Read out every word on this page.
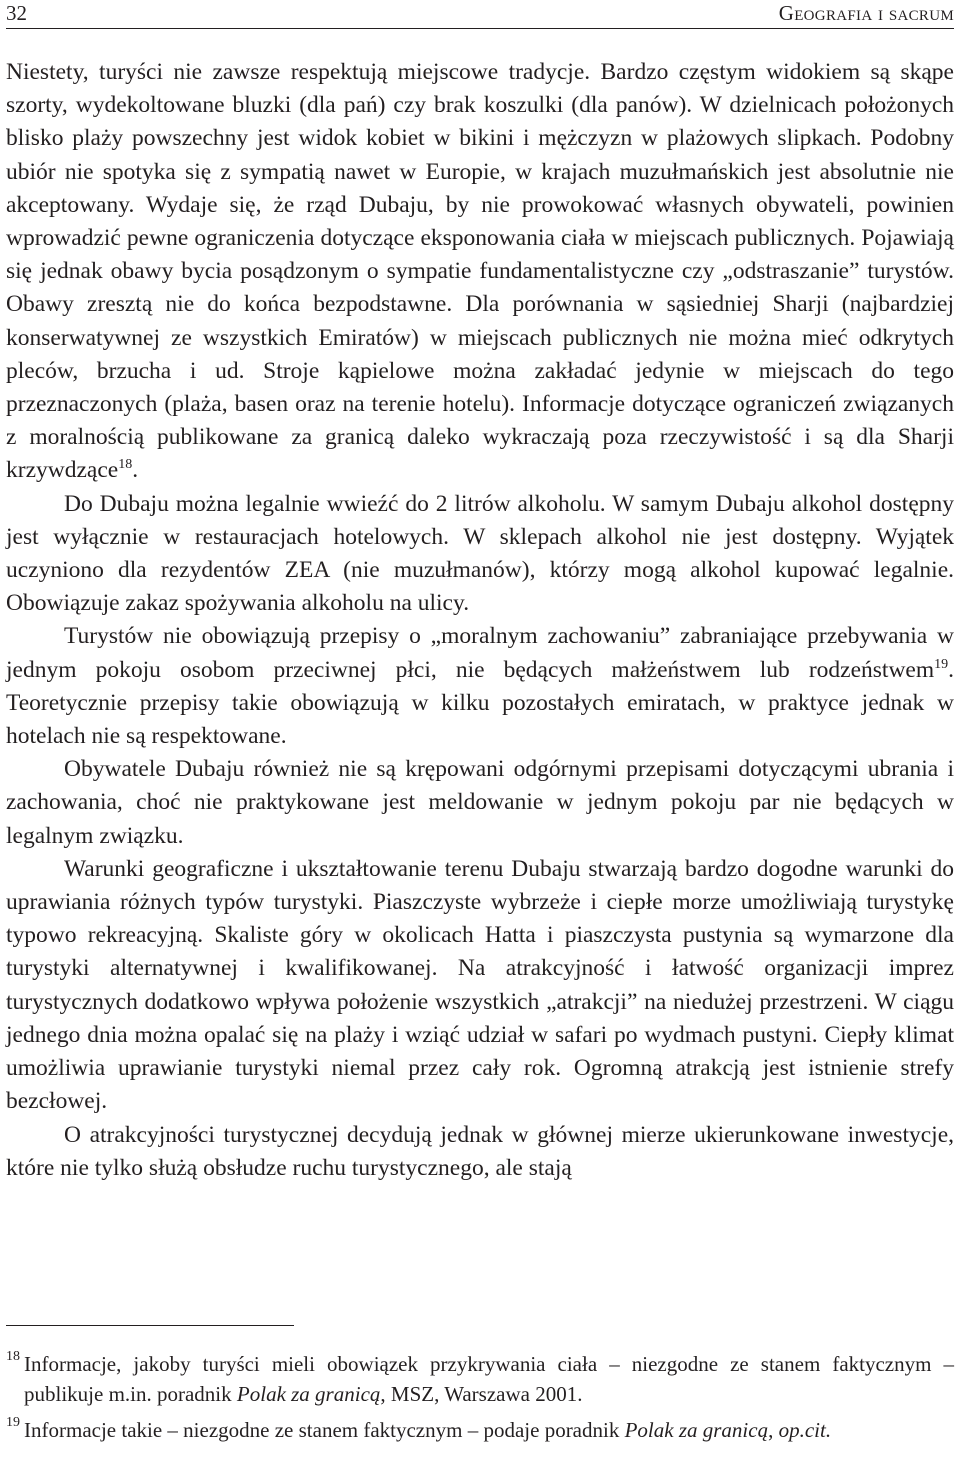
32	Geografia i sacrum

Niestety, turyści nie zawsze respektują miejscowe tradycje. Bardzo częstym widokiem są skąpe szorty, wydekoltowane bluzki (dla pań) czy brak koszulki (dla panów). W dzielnicach położonych blisko plaży powszechny jest widok kobiet w bikini i mężczyzn w plażowych slipkach. Podobny ubiór nie spotyka się z sympatią nawet w Europie, w krajach muzułmańskich jest absolutnie nie akceptowany. Wydaje się, że rząd Dubaju, by nie prowokować własnych obywateli, powinien wprowadzić pewne ograniczenia dotyczące eksponowania ciała w miejscach publicznych. Pojawiają się jednak obawy bycia posądzonym o sympatie fundamentalistyczne czy „odstraszanie” turystów. Obawy zresztą nie do końca bezpodstawne. Dla porównania w sąsiedniej Sharji (najbardziej konserwatywnej ze wszystkich Emiratów) w miejscach publicznych nie można mieć odkrytych pleców, brzucha i ud. Stroje kąpielowe można zakładać jedynie w miejscach do tego przeznaczonych (plaża, basen oraz na terenie hotelu). Informacje dotyczące ograniczeń związanych z moralnością publikowane za granicą daleko wykraczają poza rzeczywistość i są dla Sharji krzywdzące$^{18}$.

Do Dubaju można legalnie wwieźć do 2 litrów alkoholu. W samym Dubaju alkohol dostępny jest wyłącznie w restauracjach hotelowych. W sklepach alkohol nie jest dostępny. Wyjątek uczyniono dla rezydentów ZEA (nie muzułmanów), którzy mogą alkohol kupować legalnie. Obowiązuje zakaz spożywania alkoholu na ulicy.

Turystów nie obowiązują przepisy o „moralnym zachowaniu” zabraniające przebywania w jednym pokoju osobom przeciwnej płci, nie będących małżeństwem lub rodzeństwem$^{19}$. Teoretycznie przepisy takie obowiązują w kilku pozostałych emiratach, w praktyce jednak w hotelach nie są respektowane.

Obywatele Dubaju również nie są krępowani odgórnymi przepisami dotyczącymi ubrania i zachowania, choć nie praktykowane jest meldowanie w jednym pokoju par nie będących w legalnym związku.

Warunki geograficzne i ukształtowanie terenu Dubaju stwarzają bardzo dogodne warunki do uprawiania różnych typów turystyki. Piaszczyste wybrzeże i ciepłe morze umożliwiają turystykę typowo rekreacyjną. Skaliste góry w okolicach Hatta i piaszczysta pustynia są wymarzone dla turystyki alternatywnej i kwalifikowanej. Na atrakcyjność i łatwość organizacji imprez turystycznych dodatkowo wpływa położenie wszystkich „atrakcji” na niedużej przestrzeni. W ciągu jednego dnia można opalać się na plaży i wziąć udział w safari po wydmach pustyni. Ciepły klimat umożliwia uprawianie turystyki niemal przez cały rok. Ogromną atrakcją jest istnienie strefy bezcłowej.

O atrakcyjności turystycznej decydują jednak w głównej mierze ukierunkowane inwestycje, które nie tylko służą obsłudze ruchu turystycznego, ale stają

18 Informacje, jakoby turyści mieli obowiązek przykrywania ciała – niezgodne ze stanem faktycznym – publikuje m.in. poradnik Polak za granicą, MSZ, Warszawa 2001.
19 Informacje takie – niezgodne ze stanem faktycznym – podaje poradnik Polak za granicą, op.cit.
